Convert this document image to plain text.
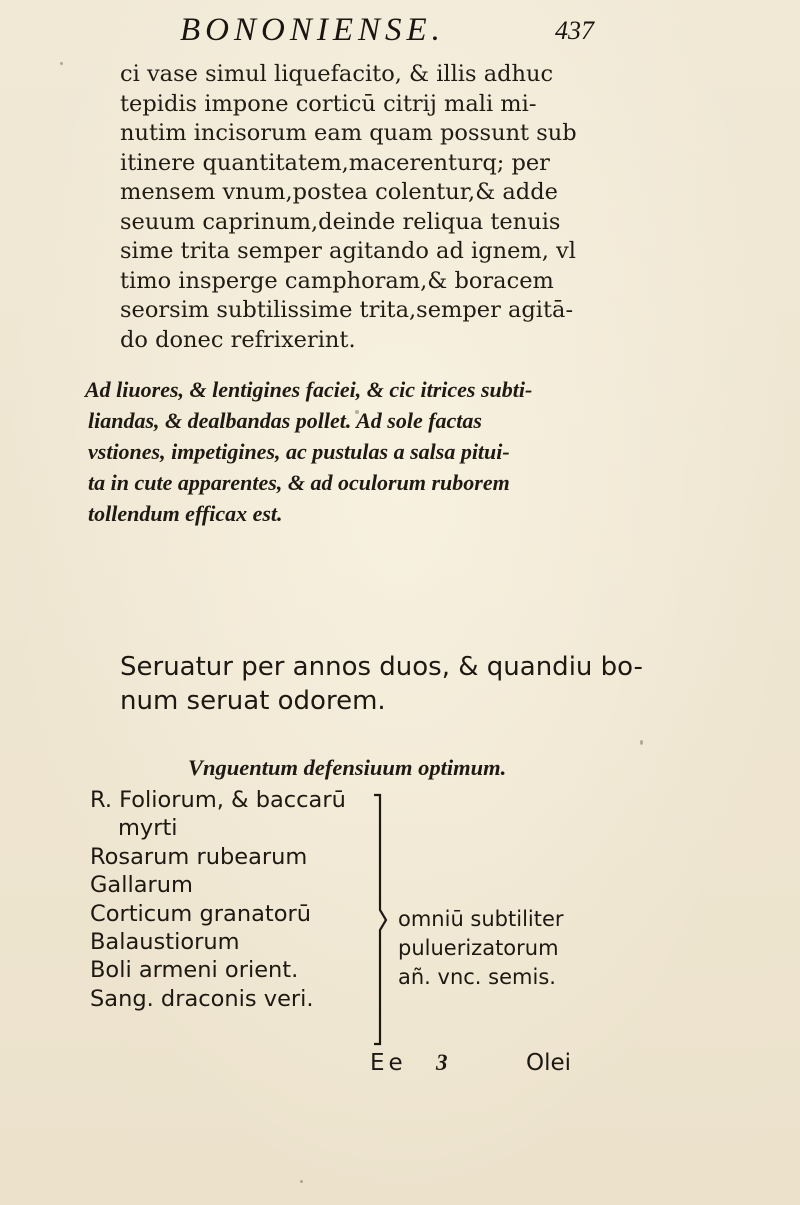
BONONIENSE.	437
ci vase simul liquefacito, & illis adhuc
tepidis impone corticū citrij mali mi-
nutim incisorum eam quam possunt sub
itinere quantitatem,macerenturq; per
mensem vnum,postea colentur,& adde
seuum caprinum,deinde reliqua tenuis
sime trita semper agitando ad ignem, vl
timo insperge camphoram,& boracem
seorsim subtilissime trita,semper agitā-
do donec refrixerint.
Ad liuores, & lentigines faciei, & cic itrices subti-
liandas, & dealbandas pollet. Ad sole factas
vstiones, impetigines, ac pustulas a salsa pitui-
ta in cute apparentes, & ad oculorum ruborem
tollendum efficax est.
Seruatur per annos duos, & quandiu bo-
num seruat odorem.
Vnguentum defensiuum optimum.
R. Foliorum, & baccarū
myrti
Rosarum rubearum
Gallarum
Corticum granatorū
Balaustiorum
Boli armeni orient.
Sang. draconis veri.
omniū subtiliter
puluerizatorum
añ. vnc. semis.
Ee 3	Olei
